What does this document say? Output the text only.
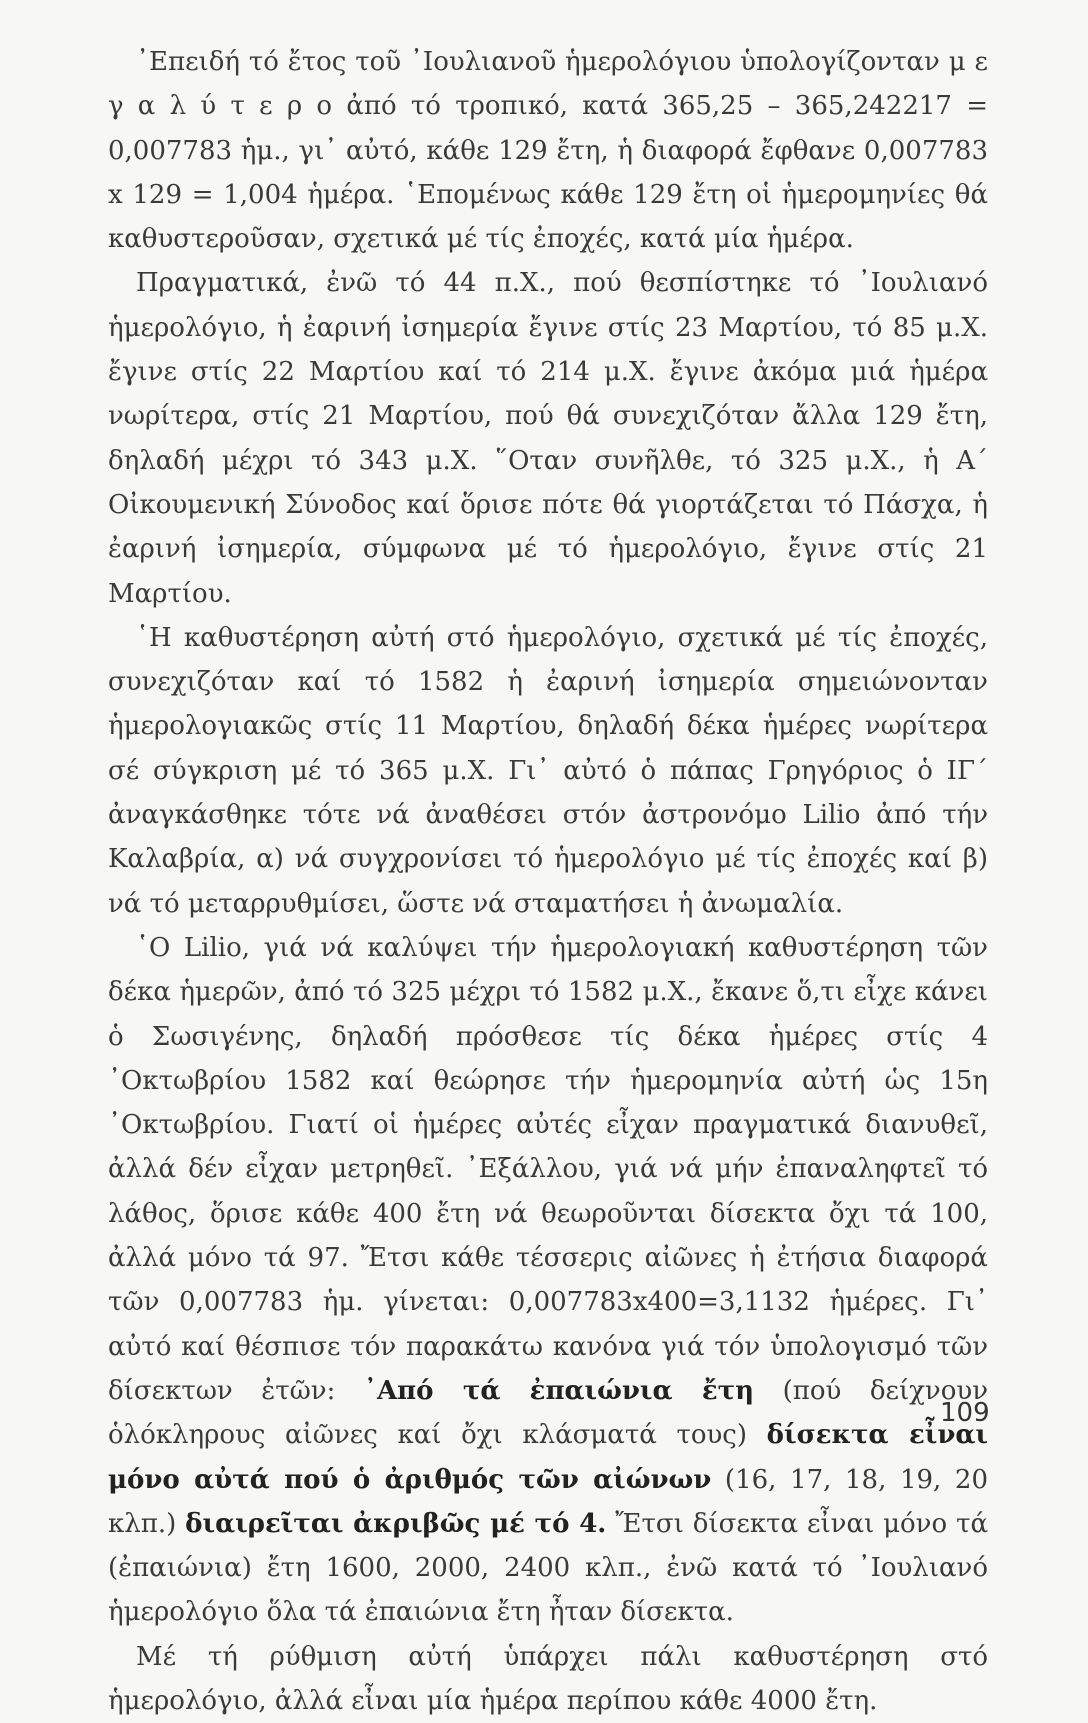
᾿Επειδή τό ἔτος τοῦ ᾿Ιουλιανοῦ ἡμερολόγιου ὑπολογίζονταν μ ε γ α λ ύ τ ε ρ ο ἀπό τό τροπικό, κατά 365,25 – 365,242217 = 0,007783 ἡμ., γι᾿ αὐτό, κάθε 129 ἔτη, ἡ διαφορά ἔφθανε 0,007783 x 129 = 1,004 ἡμέρα. ῾Επομένως κάθε 129 ἔτη οἱ ἡμερομηνίες θά καθυστεροῦσαν, σχετικά μέ τίς ἐποχές, κατά μία ἡμέρα.

Πραγματικά, ἐνῶ τό 44 π.Χ., πού θεσπίστηκε τό ᾿Ιουλιανό ἡμερολόγιο, ἡ ἐαρινή ἰσημερία ἔγινε στίς 23 Μαρτίου, τό 85 μ.Χ. ἔγινε στίς 22 Μαρτίου καί τό 214 μ.Χ. ἔγινε ἀκόμα μιά ἡμέρα νωρίτερα, στίς 21 Μαρτίου, πού θά συνεχιζόταν ἄλλα 129 ἔτη, δηλαδή μέχρι τό 343 μ.Χ. ῞Οταν συνῆλθε, τό 325 μ.Χ., ἡ Α΄ Οἰκουμενική Σύνοδος καί ὅρισε πότε θά γιορτάζεται τό Πάσχα, ἡ ἐαρινή ἰσημερία, σύμφωνα μέ τό ἡμερολόγιο, ἔγινε στίς 21 Μαρτίου.

῾Η καθυστέρηση αὐτή στό ἡμερολόγιο, σχετικά μέ τίς ἐποχές, συνεχιζόταν καί τό 1582 ἡ ἐαρινή ἰσημερία σημειώνονταν ἡμερολογιακῶς στίς 11 Μαρτίου, δηλαδή δέκα ἡμέρες νωρίτερα σέ σύγκριση μέ τό 365 μ.Χ. Γι᾿ αὐτό ὁ πάπας Γρηγόριος ὁ ΙΓ΄ ἀναγκάσθηκε τότε νά ἀναθέσει στόν ἀστρονόμο Lilio ἀπό τήν Καλαβρία, α) νά συγχρονίσει τό ἡμερολόγιο μέ τίς ἐποχές καί β) νά τό μεταρρυθμίσει, ὥστε νά σταματήσει ἡ ἀνωμαλία.

῾Ο Lilio, γιά νά καλύψει τήν ἡμερολογιακή καθυστέρηση τῶν δέκα ἡμερῶν, ἀπό τό 325 μέχρι τό 1582 μ.Χ., ἔκανε ὅ,τι εἶχε κάνει ὁ Σωσιγένης, δηλαδή πρόσθεσε τίς δέκα ἡμέρες στίς 4 ᾿Οκτωβρίου 1582 καί θεώρησε τήν ἡμερομηνία αὐτή ὡς 15η ᾿Οκτωβρίου. Γιατί οἱ ἡμέρες αὐτές εἶχαν πραγματικά διανυθεῖ, ἀλλά δέν εἶχαν μετρηθεῖ. ᾿Εξάλλου, γιά νά μήν ἐπαναληφτεῖ τό λάθος, ὅρισε κάθε 400 ἔτη νά θεωροῦνται δίσεκτα ὄχι τά 100, ἀλλά μόνο τά 97. Ἔτσι κάθε τέσσερις αἰῶνες ἡ ἐτήσια διαφορά τῶν 0,007783 ἡμ. γίνεται: 0,007783x400=3,1132 ἡμέρες. Γι᾿ αὐτό καί θέσπισε τόν παρακάτω κανόνα γιά τόν ὑπολογισμό τῶν δίσεκτων ἐτῶν: ᾿Από τά ἐπαιώνια ἔτη (πού δείχνουν ὁλόκληρους αἰῶνες καί ὄχι κλάσματά τους) δίσεκτα εἶναι μόνο αὐτά πού ὁ ἀριθμός τῶν αἰώνων (16, 17, 18, 19, 20 κλπ.) διαιρεῖται ἀκριβῶς μέ τό 4. Ἔτσι δίσεκτα εἶναι μόνο τά (ἐπαιώνια) ἔτη 1600, 2000, 2400 κλπ., ἐνῶ κατά τό ᾿Ιουλιανό ἡμερολόγιο ὅλα τά ἐπαιώνια ἔτη ἦταν δίσεκτα.

Μέ τή ρύθμιση αὐτή ὑπάρχει πάλι καθυστέρηση στό ἡμερολόγιο, ἀλλά εἶναι μία ἡμέρα περίπου κάθε 4000 ἔτη.

109
